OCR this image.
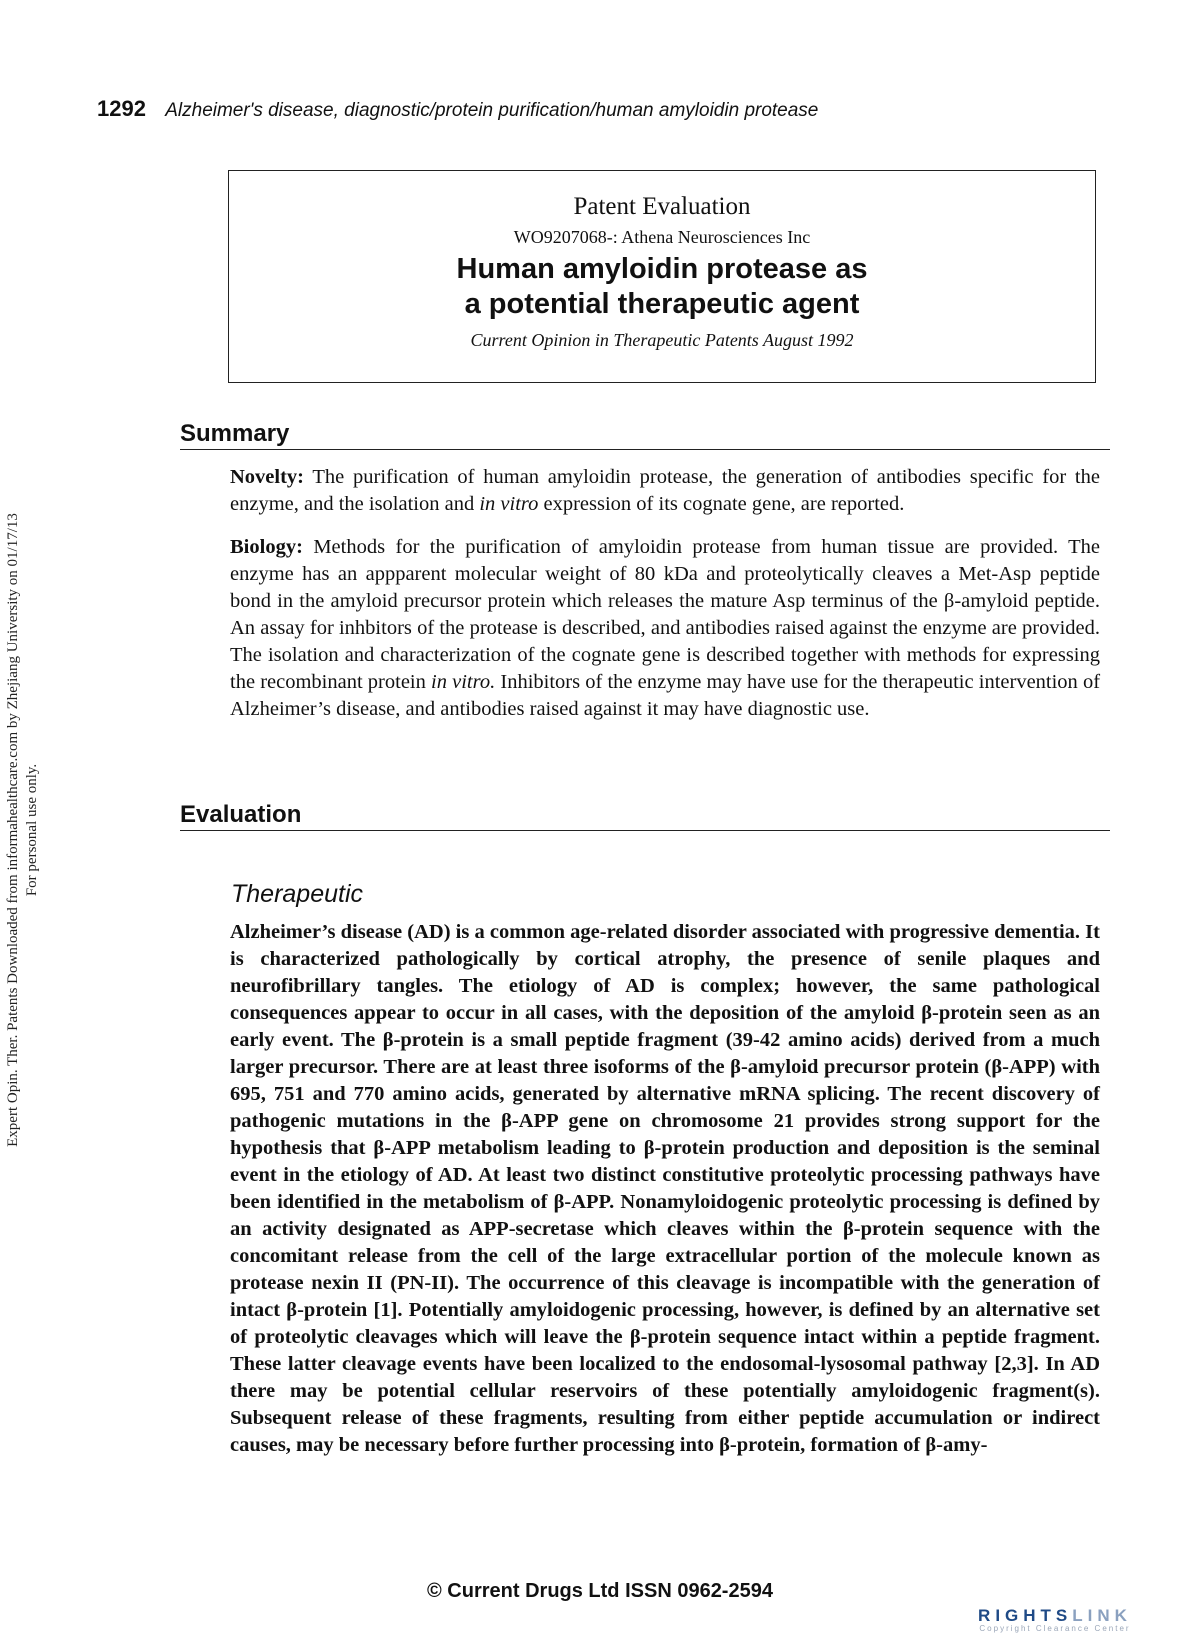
Expert Opin. Ther. Patents Downloaded from informahealthcare.com by Zhejiang University on 01/17/13 For personal use only.
1292 Alzheimer's disease, diagnostic/protein purification/human amyloidin protease
Patent Evaluation
WO9207068-: Athena Neurosciences Inc
Human amyloidin protease as
a potential therapeutic agent
Current Opinion in Therapeutic Patents August 1992
Summary

Novelty: The purification of human amyloidin protease, the generation of antibodies specific for the enzyme, and the isolation and in vitro expression of its cognate gene, are reported.

Biology: Methods for the purification of amyloidin protease from human tissue are provided. The enzyme has an appparent molecular weight of 80 kDa and proteolytically cleaves a Met-Asp peptide bond in the amyloid precursor protein which releases the mature Asp terminus of the β-amyloid peptide. An assay for inhbitors of the protease is described, and antibodies raised against the enzyme are provided. The isolation and characterization of the cognate gene is described together with methods for expressing the recombinant protein in vitro. Inhibitors of the enzyme may have use for the therapeutic intervention of Alzheimer’s disease, and antibodies raised against it may have diagnostic use.

Evaluation
Therapeutic

Alzheimer’s disease (AD) is a common age-related disorder associated with progressive dementia. It is characterized pathologically by cortical atrophy, the presence of senile plaques and neurofibrillary tangles. The etiology of AD is complex; however, the same pathological consequences appear to occur in all cases, with the deposition of the amyloid β-protein seen as an early event. The β-protein is a small peptide fragment (39-42 amino acids) derived from a much larger precursor. There are at least three isoforms of the β-amyloid precursor protein (β-APP) with 695, 751 and 770 amino acids, generated by alternative mRNA splicing. The recent discovery of pathogenic mutations in the β-APP gene on chromosome 21 provides strong support for the hypothesis that β-APP metabolism leading to β-protein production and deposition is the seminal event in the etiology of AD. At least two distinct constitutive proteolytic processing pathways have been identified in the metabolism of β-APP. Nonamyloidogenic proteolytic processing is defined by an activity designated as APP-secretase which cleaves within the β-protein sequence with the concomitant release from the cell of the large extracellular portion of the molecule known as protease nexin II (PN-II). The occurrence of this cleavage is incompatible with the generation of intact β-protein [1]. Potentially amyloidogenic processing, however, is defined by an alternative set of proteolytic cleavages which will leave the β-protein sequence intact within a peptide fragment. These latter cleavage events have been localized to the endosomal-lysosomal pathway [2,3]. In AD there may be potential cellular reservoirs of these potentially amyloidogenic fragment(s). Subsequent release of these fragments, resulting from either peptide accumulation or indirect causes, may be necessary before further processing into β-protein, formation of β-amy-

© Current Drugs Ltd ISSN 0962-2594
RIGHTSLINK
Copyright Clearance Center
